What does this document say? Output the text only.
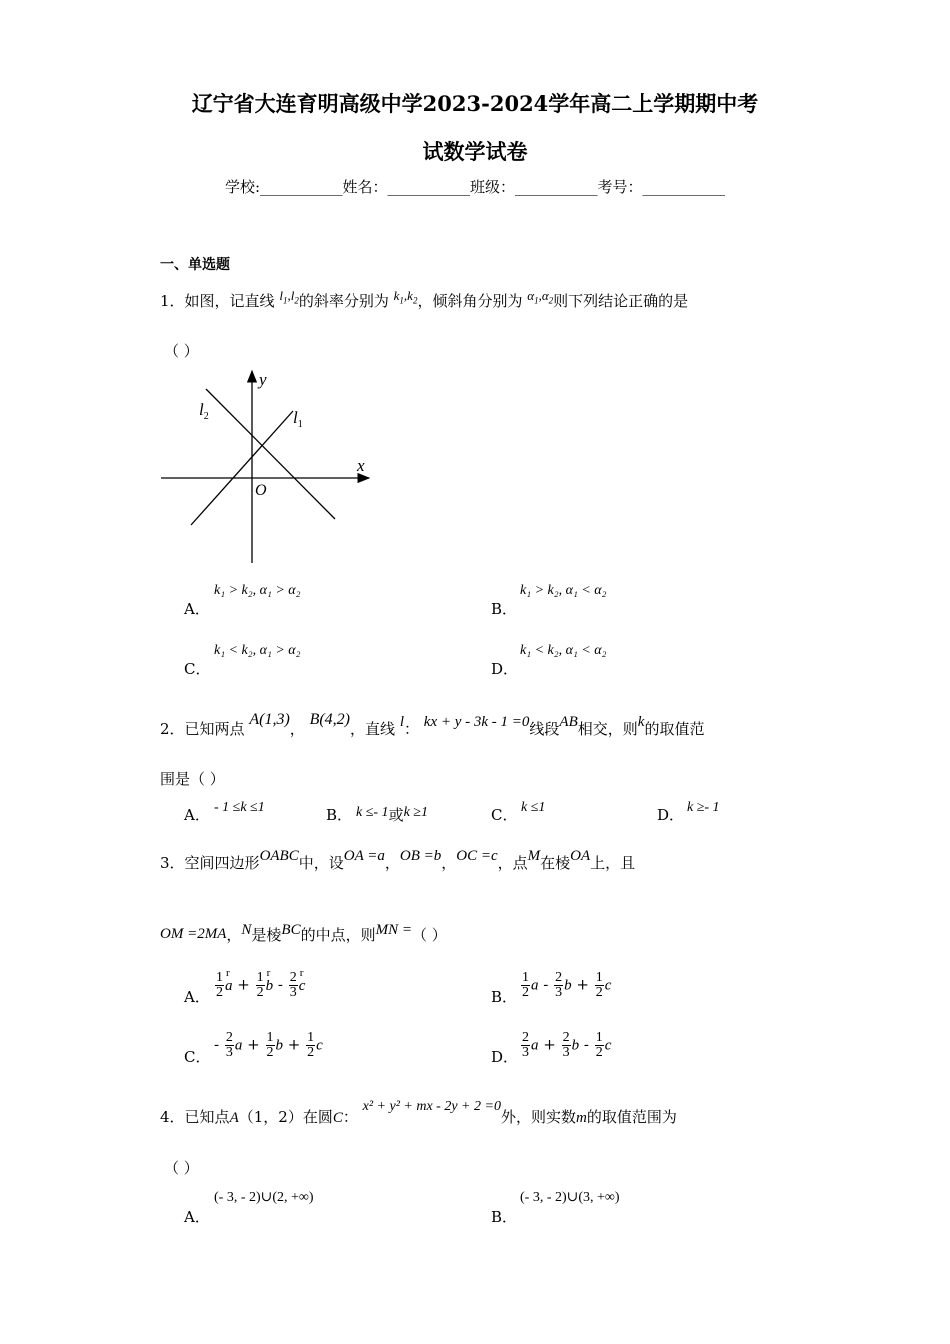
辽宁省大连育明高级中学2023-2024学年高二上学期期中考
试数学试卷
学校:___________姓名：___________班级：___________考号：___________
一、单选题
1．如图，记直线 $l_1,l_2$的斜率分别为 $k_1,k_2$，倾斜角分别为 $\alpha_1,\alpha_2$则下列结论正确的是
（ ）
y
x
O
$l_1$
$l_2$
A．
k₁ > k₂, α₁ > α₂
B．
k₁ > k₂, α₁ < α₂
C．
k₁ < k₂, α₁ > α₂
D．
k₁ < k₂, α₁ < α₂
2．已知两点 A(1,3)， B(4,2)，直线 l： kx + y - 3k - 1 =0线段AB相交，则k的取值范
围是（ ）
A． - 1 ≤k ≤1	B． k ≤- 1或k ≥1	C． k ≤1	D． k ≥- 1
3．空间四边形OABC中，设OA =a，OB =b，OC =c，点M在棱OA上，且
OM =2MA，N是棱BC的中点，则MN =（ ）
A． $\frac{1}{2}$ r $a + \frac{1}{2}$ r b - $\frac{2}{3}$ r c
B． $\frac{1}{2}$ a - $\frac{2}{3}$ $b + \frac{1}{2}$ c
C．
- $\frac{2}{3}$ $a + \frac{1}{2}$ $b + \frac{1}{2}$ c
D． $\frac{2}{3}$ $a + \frac{2}{3}$ b - $\frac{1}{2}$ c
4．已知点A（1，2）在圆C： x² + y² + mx - 2y + 2 =0外，则实数m的取值范围为
（ ）
A．
(- 3, - 2)∪(2, +∞)
B．
(- 3, - 2)∪(3, +∞)
